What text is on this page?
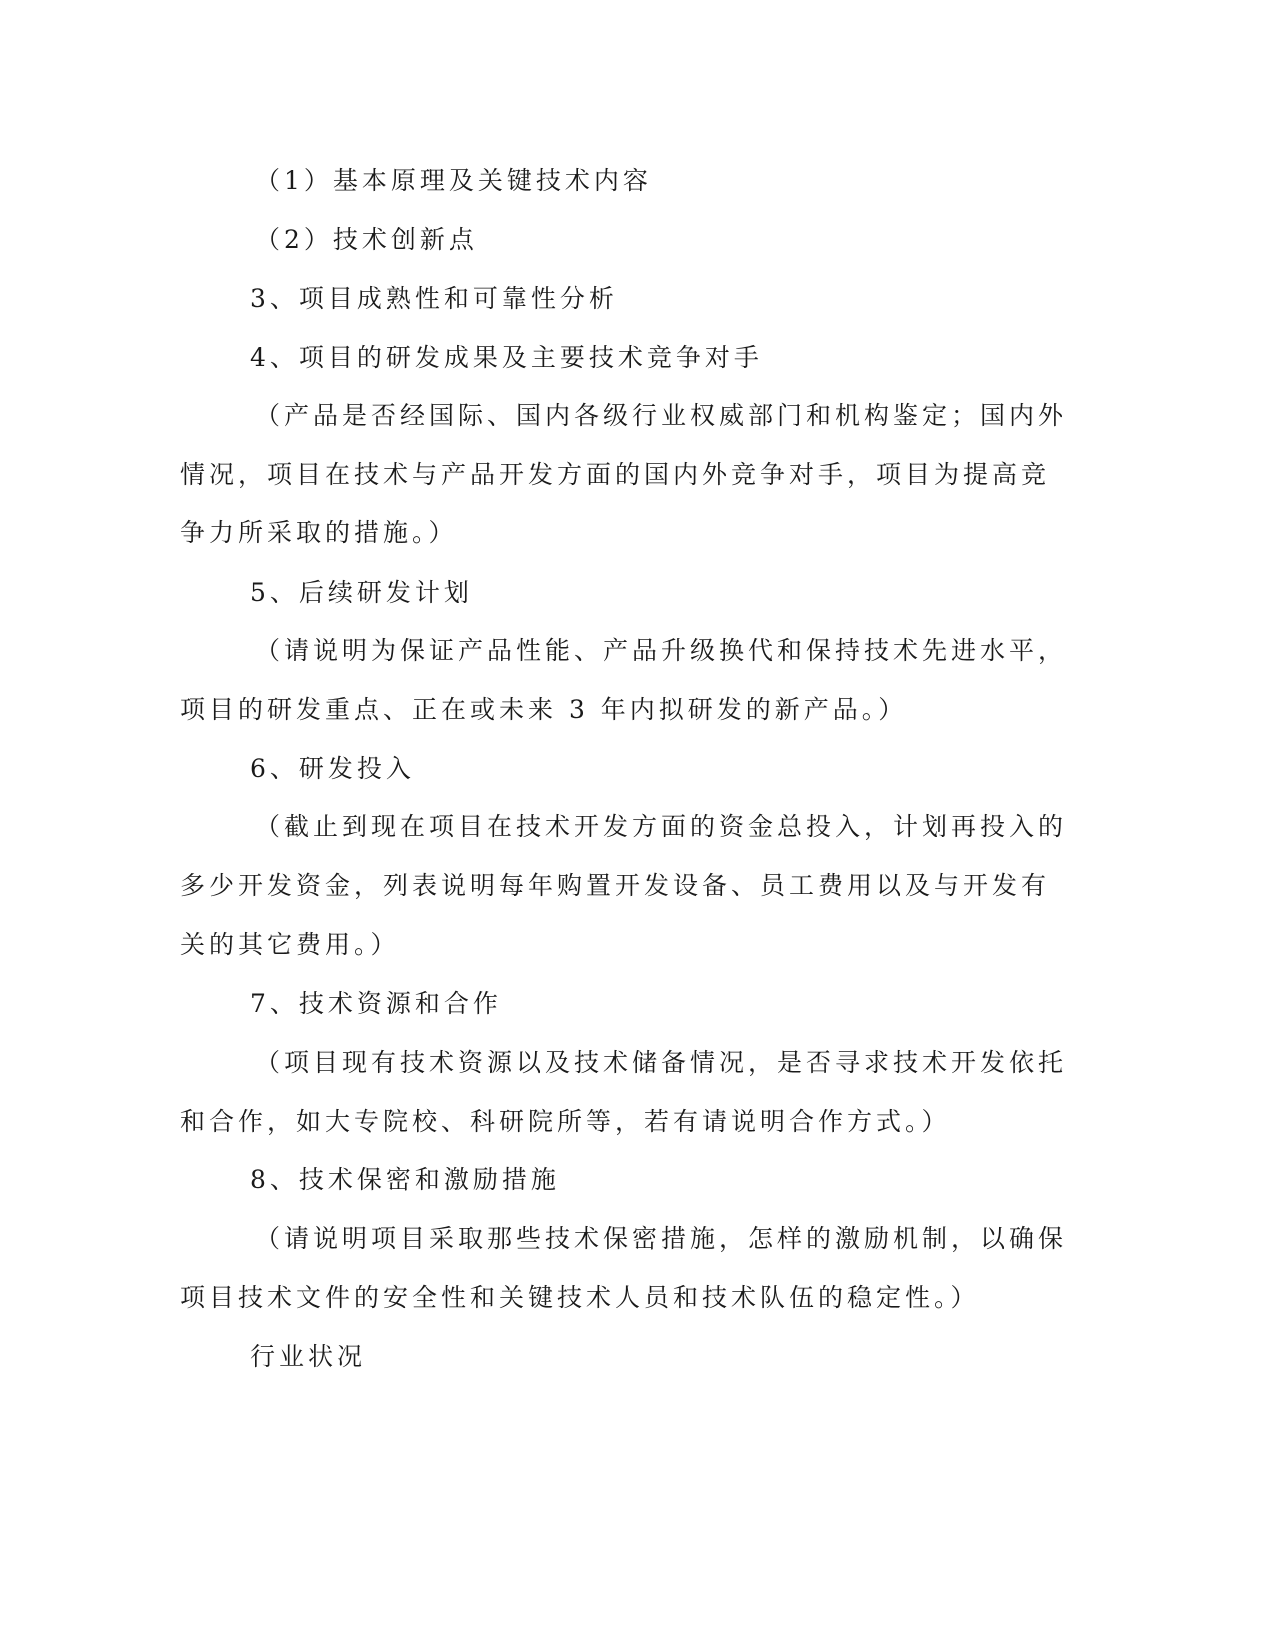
（1）基本原理及关键技术内容
（2）技术创新点
3、项目成熟性和可靠性分析
4、项目的研发成果及主要技术竞争对手
（产品是否经国际、国内各级行业权威部门和机构鉴定；国内外
情况，项目在技术与产品开发方面的国内外竞争对手，项目为提高竞
争力所采取的措施。）
5、后续研发计划
（请说明为保证产品性能、产品升级换代和保持技术先进水平，
项目的研发重点、正在或未来 3 年内拟研发的新产品。）
6、研发投入
（截止到现在项目在技术开发方面的资金总投入，计划再投入的
多少开发资金，列表说明每年购置开发设备、员工费用以及与开发有
关的其它费用。）
7、技术资源和合作
（项目现有技术资源以及技术储备情况，是否寻求技术开发依托
和合作，如大专院校、科研院所等，若有请说明合作方式。）
8、技术保密和激励措施
（请说明项目采取那些技术保密措施，怎样的激励机制，以确保
项目技术文件的安全性和关键技术人员和技术队伍的稳定性。）
行业状况
